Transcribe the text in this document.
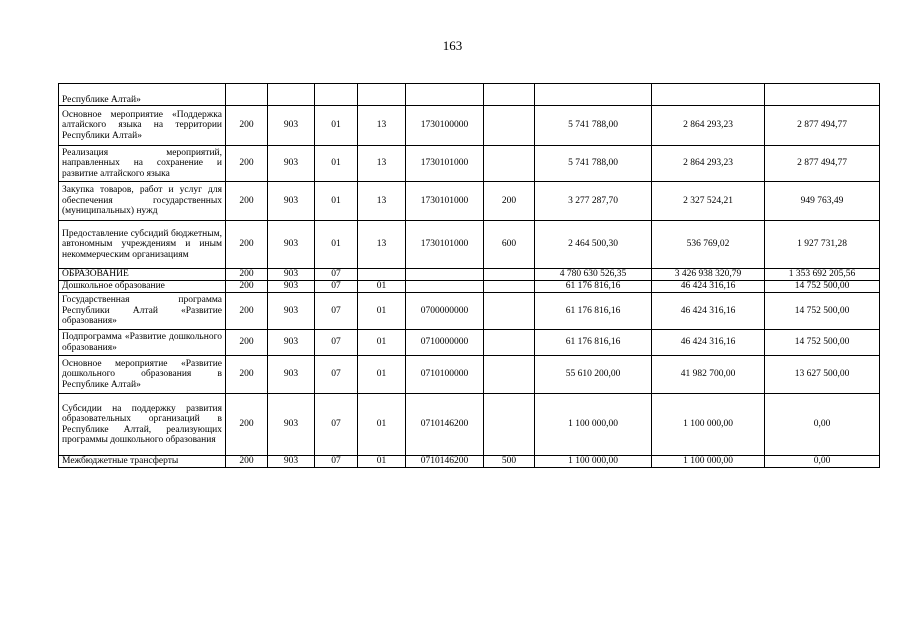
163
Республике Алтай»									
Основное мероприятие «Поддержка алтайского языка на территории Республики Алтай»	200	903	01	13	1730100000		5 741 788,00	2 864 293,23	2 877 494,77
Реализация мероприятий, направленных на сохранение и развитие алтайского языка	200	903	01	13	1730101000		5 741 788,00	2 864 293,23	2 877 494,77
Закупка товаров, работ и услуг для обеспечения государственных (муниципальных) нужд	200	903	01	13	1730101000	200	3 277 287,70	2 327 524,21	949 763,49
Предоставление субсидий бюджетным, автономным учреждениям и иным некоммерческим организациям	200	903	01	13	1730101000	600	2 464 500,30	536 769,02	1 927 731,28
ОБРАЗОВАНИЕ	200	903	07				4 780 630 526,35	3 426 938 320,79	1 353 692 205,56
Дошкольное образование	200	903	07	01			61 176 816,16	46 424 316,16	14 752 500,00
Государственная программа Республики Алтай «Развитие образования»	200	903	07	01	0700000000		61 176 816,16	46 424 316,16	14 752 500,00
Подпрограмма «Развитие дошкольного образования»	200	903	07	01	0710000000		61 176 816,16	46 424 316,16	14 752 500,00
Основное мероприятие «Развитие дошкольного образования в Республике Алтай»	200	903	07	01	0710100000		55 610 200,00	41 982 700,00	13 627 500,00
Субсидии на поддержку развития образовательных организаций в Республике Алтай, реализующих программы дошкольного образования	200	903	07	01	0710146200		1 100 000,00	1 100 000,00	0,00
Межбюджетные трансферты	200	903	07	01	0710146200	500	1 100 000,00	1 100 000,00	0,00
